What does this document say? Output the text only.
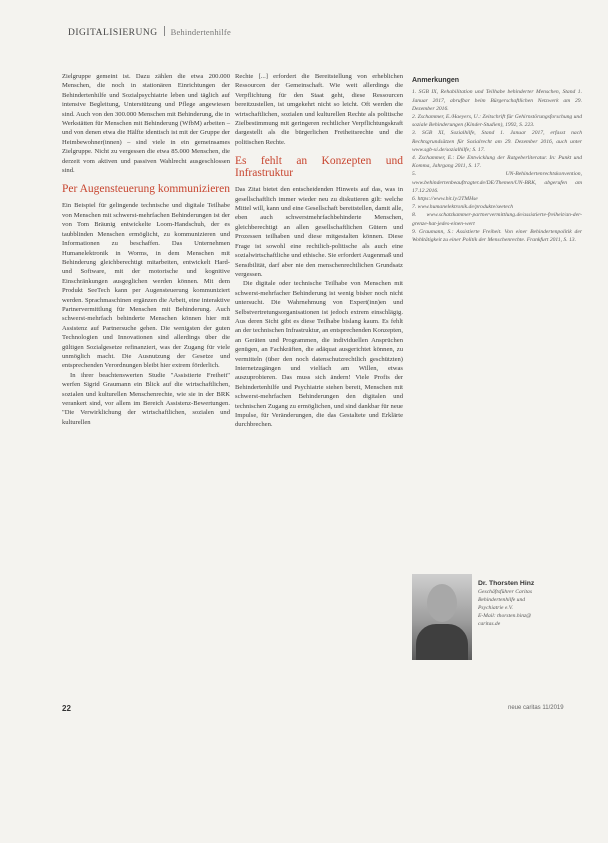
DIGITALISIERUNG Behinderten​hilfe

Zielgruppe gemeint ist. Dazu zählen die etwa 200.000 Menschen, die noch in stationären Einrichtungen der Behindertenhilfe und Sozialpsychiatrie leben und täglich auf intensive Begleitung, Unterstützung und Pflege angewiesen sind. Auch von den 300.000 Menschen mit Behinderung, die in Werkstätten für Menschen mit Behinderung (WfbM) arbeiten – und von denen etwa die Hälfte identisch ist mit der Gruppe der Heimbewohner(innen) – sind viele in ein gemeinsames Zielgruppe. Nicht zu vergessen die etwa 85.000 Menschen, die derzeit vom aktiven und passiven Wahlrecht ausgeschlossen sind.

Per Augensteuerung kommunizieren

Ein Beispiel für gelingende technische und digitale Teilhabe von Menschen mit schwerst-mehrfachen Behinderungen ist der von Tom Bräunig entwickelte Loom-Handschuh, der es taubblinden Menschen ermöglicht, zu kommunizieren und Informationen zu beschaffen. Das Unternehmen Humanelektronik in Worms, in dem Menschen mit Behinderung gleichberechtigt mitarbeiten, entwickelt Hard- und Software, mit der motorische und kognitive Einschränkungen ausgeglichen werden können. Mit dem Produkt SeeTech kann per Augensteuerung kommuniziert werden. Sprachmaschinen ergänzen die Arbeit, eine interaktive Partnervermittlung für Menschen mit Behinderung. Auch schwerst-mehrfach behinderte Menschen können hier mit Assistenz auf Partnersuche gehen. Die wenigsten der guten Technologien und Innovationen sind allerdings über die gültigen Sozialgesetze refinanziert, was der Zugang für viele unmöglich macht. Die Ausnutzung der Gesetze und entsprechenden Verordnungen bleibt hier extrem förderlich.

In ihrer beachtenswerten Studie "Assistierte Freiheit" werfen Sigrid Graumann ein Blick auf die wirtschaftlichen, sozialen und kulturellen Menschenrechte, wie sie in der BRK verankert sind, vor allem im Bereich Assistenz-Bewertungen. "Die Verwirklichung der wirtschaftlichen, sozialen und kulturellen

Rechte [...] erfordert die Bereitstellung von erheblichen Ressourcen der Gemeinschaft. Wie weit allerdings die Verpflichtung für den Staat geht, diese Ressourcen bereitzustellen, ist umgekehrt nicht so leicht. Oft werden die wirtschaftlichen, sozialen und kulturellen Rechte als politische Zielbestimmung mit geringeren rechtlicher Verpflichtungskraft dargestellt als die bürgerlichen Freiheitsrechte und die politischen Rechte.

Es fehlt an Konzepten und Infrastruktur

Das Zitat bietet den entscheidenden Hinweis auf das, was in gesellschaftlich immer wieder neu zu diskutieren gilt: welche Mittel will, kann und eine Gesellschaft bereitstellen, damit alle, eben auch schwerstmehrfachbehinderte Menschen, gleichberechtigt an allen gesellschaftlichen Gütern und Prozessen teilhaben und diese mitgestalten können. Diese Frage ist sowohl eine rechtlich-politische als auch eine sozialwirtschaftliche und ethische. Sie erfordert Augenmaß und Sensibilität, darf aber nie den menschenrechtlichen Grundsatz vergessen.

Die digitale oder technische Teilhabe von Menschen mit schwerst-mehrfacher Behinderung ist wenig bisher noch nicht untersucht. Die Wahrnehmung von Expert(inn)en und Selbstvertretungsorganisationen ist jedoch extrem einschlägig. Aus deren Sicht gibt es diese Teilhabe bislang kaum. Es fehlt an der technischen Infrastruktur, an entsprechenden Konzepten, an Geräten und Programmen, die individuellen Ansprüchen genügen, an Fachkräften, die adäquat ausgerichtet können, zu vermitteln (über den noch datenschutzrechtlich geschützten) Internetzugängen und vielfach am Willen, etwas auszuprobieren. Das muss sich ändern! Viele Profis der Behindertenhilfe und Psychiatrie stehen bereit, Menschen mit schwerst-mehrfachen Behinderungen den digitalen und technischen Zugang zu ermöglichen, und sind dankbar für neue Impulse, für Veränderungen, die das Gestaltete und Erklärte durchbrechen.

Anmerkungen

1. SGB IX, Rehabilitation und Teilhabe behinderter Menschen, Stand 1. Januar 2017, abrufbar beim Bürgerschaftlichen Netzwerk am 29. Dezember 2016.

2. Zschammer, E./Haeyers, U.: Zeitschrift für Gehirnstörungsforschung und soziale Behinderungen (Kinder-Studien), 1992, S. 223.

3. SGB XI, Sozialhilfe, Stand 1. Januar 2017, erfasst nach Rechtsgrundsätzen für Sozialrecht am 29. Dezember 2016, auch unter www.sgb-xi.de/sozialhilfe; S. 17.

4. Zschammer, E.: Die Entwicklung der Ratgeberliteratur. In: Punkt und Komma, Jahrgang 2011, S. 17.

5. UN-Behindertenrechtskonvention, www.behindertenbeauftragter.de/DE/Themen/UN-BRK, abgerufen am 17.12.2016.

6. https://www.bit.ly/2TMHse

7. www.humanelektronik.de/produkte/seetech

8. www.schatzkammer-partnervermittlung.de/assistierte-freiheit/an-der-grenze-hat-jedes-einen-wert

9. Graumann, S.: Assistierte Freiheit. Von einer Behindertenpolitik der Wohltätigkeit zu einer Politik der Menschenrechte. Frankfurt 2011, S. 13.

Dr. Thorsten Hinz
Geschäftsführer Caritas
Behindertenhilfe und
Psychiatrie e.V.
E-Mail: thorsten.hinz@
caritas.de
22	neue caritas 11/2019
